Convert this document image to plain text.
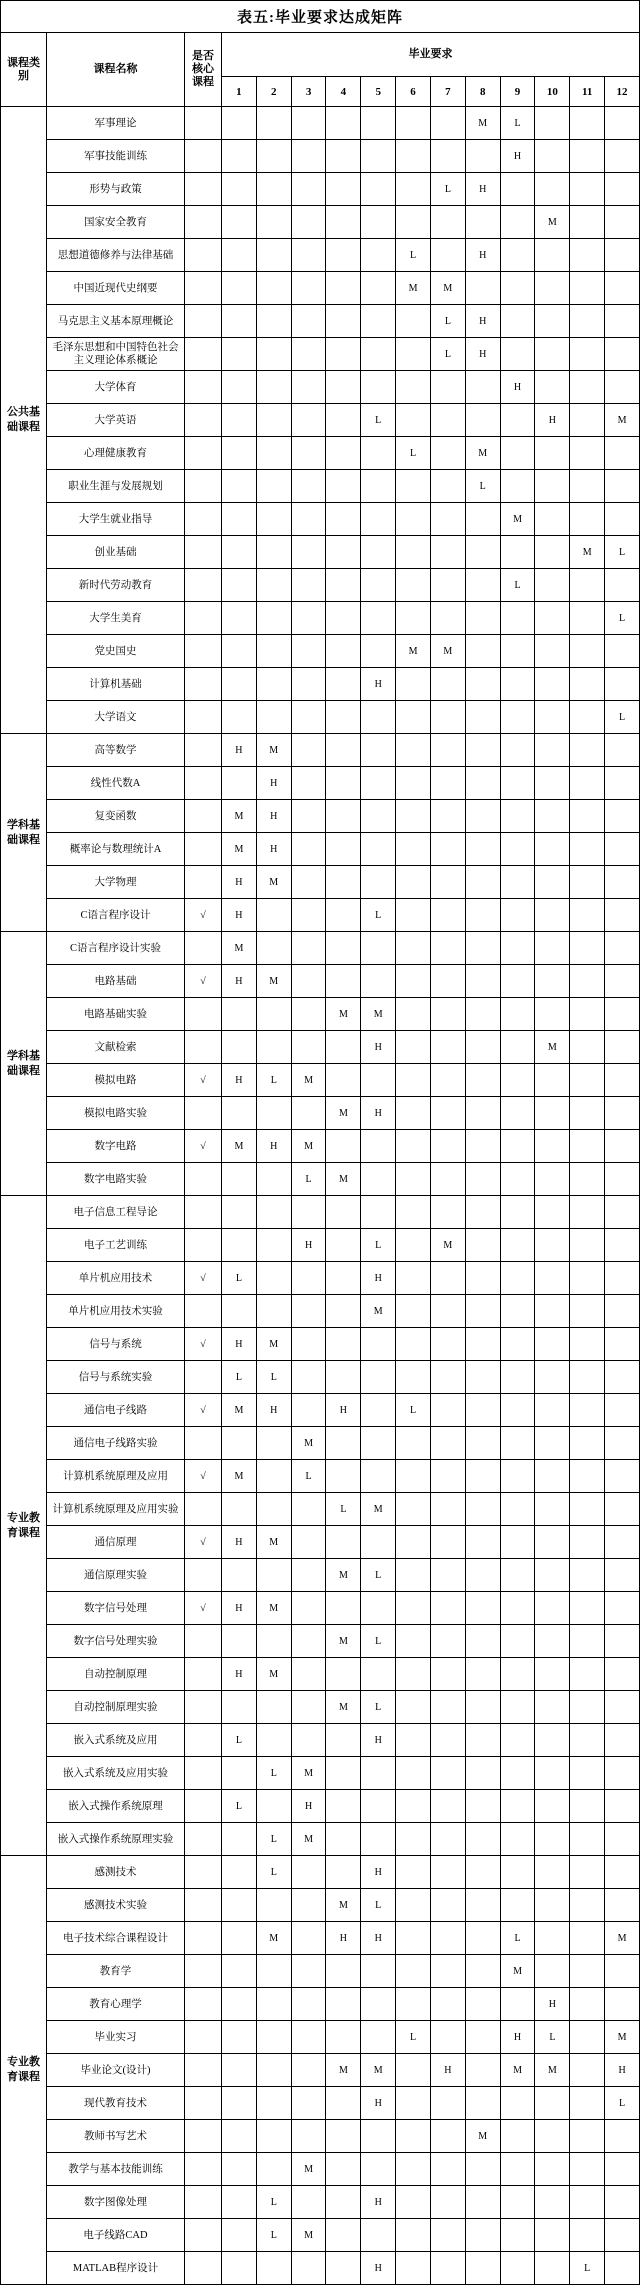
表五:毕业要求达成矩阵														
课程类别	课程名称	是否核心课程	毕业要求											
			1	2	3	4	5	6	7	8	9	10	11	12
公共基础课程	军事理论									M	L			
	军事技能训练										H			
	形势与政策								L	H				
	国家安全教育											M		
	思想道德修养与法律基础							L		H				
	中国近现代史纲要							M	M					
	马克思主义基本原理概论								L	H				
	毛泽东思想和中国特色社会主义理论体系概论								L	H				
	大学体育										H			
	大学英语						L					H		M
	心理健康教育							L		M				
	职业生涯与发展规划									L				
	大学生就业指导										M			
	创业基础												M	L
	新时代劳动教育										L			
	大学生美育													L
	党史国史							M	M					
	计算机基础						H							
	大学语文													L
学科基础课程	高等数学		H	M										
	线性代数A			H										
	复变函数		M	H										
	概率论与数理统计A		M	H										
	大学物理		H	M										
	C语言程序设计	√	H				L							
学科基础课程	C语言程序设计实验		M											
	电路基础	√	H	M										
	电路基础实验					M	M							
	文献检索						H					M		
	模拟电路	√	H	L	M									
	模拟电路实验					M	H							
	数字电路	√	M	H	M									
	数字电路实验				L	M								
专业教育课程	电子信息工程导论													
	电子工艺训练				H		L		M					
	单片机应用技术	√	L				H							
	单片机应用技术实验						M							
	信号与系统	√	H	M										
	信号与系统实验		L	L										
	通信电子线路	√	M	H		H		L						
	通信电子线路实验				M									
	计算机系统原理及应用	√	M		L									
	计算机系统原理及应用实验					L	M							
	通信原理	√	H	M										
	通信原理实验					M	L							
	数字信号处理	√	H	M										
	数字信号处理实验					M	L							
	自动控制原理		H	M										
	自动控制原理实验					M	L							
	嵌入式系统及应用		L				H							
	嵌入式系统及应用实验			L	M									
	嵌入式操作系统原理		L		H									
	嵌入式操作系统原理实验			L	M									
专业教育课程	感测技术			L			H							
	感测技术实验					M	L							
	电子技术综合课程设计			M		H	H				L			M
	教育学										M			
	教育心理学											H		
	毕业实习							L			H	L		M
	毕业论文(设计)					M	M		H		M	M		H
	现代教育技术						H							L
	教师书写艺术									M				
	教学与基本技能训练				M									
	数字图像处理			L			H							
	电子线路CAD			L	M									
	MATLAB程序设计						H						L	
